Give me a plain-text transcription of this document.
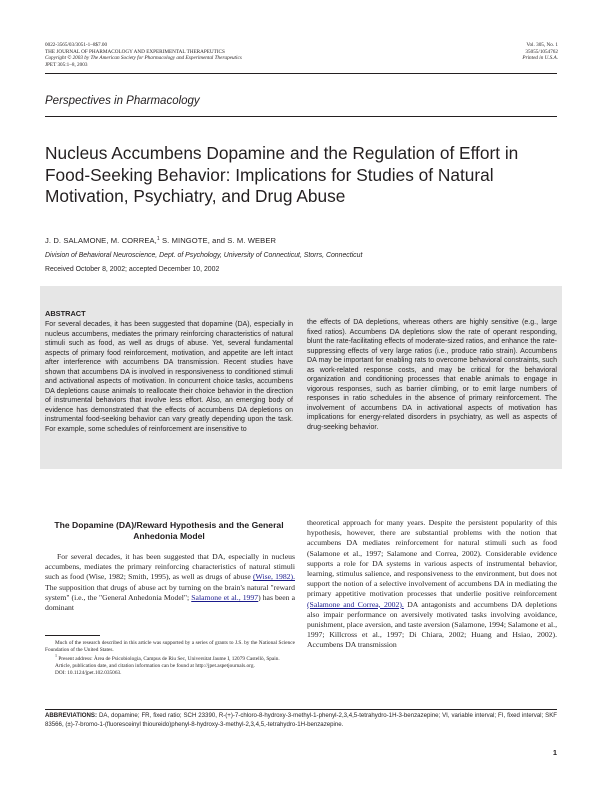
0022-3565/03/3051-1–8$7.00
THE JOURNAL OF PHARMACOLOGY AND EXPERIMENTAL THERAPEUTICS
Copyright © 2003 by The American Society for Pharmacology and Experimental Therapeutics
JPET 305:1–8, 2003
Vol. 305, No. 1
35055/1054762
Printed in U.S.A.
Perspectives in Pharmacology
Nucleus Accumbens Dopamine and the Regulation of Effort in Food-Seeking Behavior: Implications for Studies of Natural Motivation, Psychiatry, and Drug Abuse
J. D. SALAMONE, M. CORREA,$^1$ S. MINGOTE, and S. M. WEBER
Division of Behavioral Neuroscience, Dept. of Psychology, University of Connecticut, Storrs, Connecticut
Received October 8, 2002; accepted December 10, 2002
ABSTRACT
For several decades, it has been suggested that dopamine (DA), especially in nucleus accumbens, mediates the primary reinforcing characteristics of natural stimuli such as food, as well as drugs of abuse. Yet, several fundamental aspects of primary food reinforcement, motivation, and appetite are left intact after interference with accumbens DA transmission. Recent studies have shown that accumbens DA is involved in responsiveness to conditioned stimuli and activational aspects of motivation. In concurrent choice tasks, accumbens DA depletions cause animals to reallocate their choice behavior in the direction of instrumental behaviors that involve less effort. Also, an emerging body of evidence has demonstrated that the effects of accumbens DA depletions on instrumental food-seeking behavior can vary greatly depending upon the task. For example, some schedules of reinforcement are insensitive to
the effects of DA depletions, whereas others are highly sensitive (e.g., large fixed ratios). Accumbens DA depletions slow the rate of operant responding, blunt the rate-facilitating effects of moderate-sized ratios, and enhance the rate-suppressing effects of very large ratios (i.e., produce ratio strain). Accumbens DA may be important for enabling rats to overcome behavioral constraints, such as work-related response costs, and may be critical for the behavioral organization and conditioning processes that enable animals to engage in vigorous responses, such as barrier climbing, or to emit large numbers of responses in ratio schedules in the absence of primary reinforcement. The involvement of accumbens DA in activational aspects of motivation has implications for energy-related disorders in psychiatry, as well as aspects of drug-seeking behavior.
The Dopamine (DA)/Reward Hypothesis and the General Anhedonia Model
For several decades, it has been suggested that DA, especially in nucleus accumbens, mediates the primary reinforcing characteristics of natural stimuli such as food (Wise, 1982; Smith, 1995), as well as drugs of abuse (Wise, 1982). The supposition that drugs of abuse act by turning on the brain's natural "reward system" (i.e., the "General Anhedonia Model"; Salamone et al., 1997) has been a dominant
theoretical approach for many years. Despite the persistent popularity of this hypothesis, however, there are substantial problems with the notion that accumbens DA mediates reinforcement for natural stimuli such as food (Salamone et al., 1997; Salamone and Correa, 2002). Considerable evidence supports a role for DA systems in various aspects of instrumental behavior, learning, stimulus salience, and responsiveness to the environment, but does not support the notion of a selective involvement of accumbens DA in mediating the primary appetitive motivation processes that underlie positive reinforcement (Salamone and Correa, 2002). DA antagonists and accumbens DA depletions also impair performance on aversively motivated tasks involving avoidance, punishment, place aversion, and taste aversion (Salamone, 1994; Salamone et al., 1997; Killcross et al., 1997; Di Chiara, 2002; Huang and Hsiao, 2002). Accumbens DA transmission

Much of the research described in this article was supported by a series of grants to J.S. by the National Science Foundation of the United States.

$^1$ Present address: Àrea de Psicobiologia, Campus de Riu Sec, Universitat Jaume I, 12079 Castellò, Spain.

Article, publication date, and citation information can be found at http://jpet.aspetjournals.org.

DOI: 10.1124/jpet.102.035063.

ABBREVIATIONS: DA, dopamine; FR, fixed ratio; SCH 23390, R-(+)-7-chloro-8-hydroxy-3-methyl-1-phenyl-2,3,4,5-tetrahydro-1H-3-benzazepine; VI, variable interval; FI, fixed interval; SKF 83566, (±)-7-bromo-1-(fluoresceinyl thioureido)phenyl-8-hydroxy-3-methyl-2,3,4,5,-tetrahydro-1H-benzazepine.
1
